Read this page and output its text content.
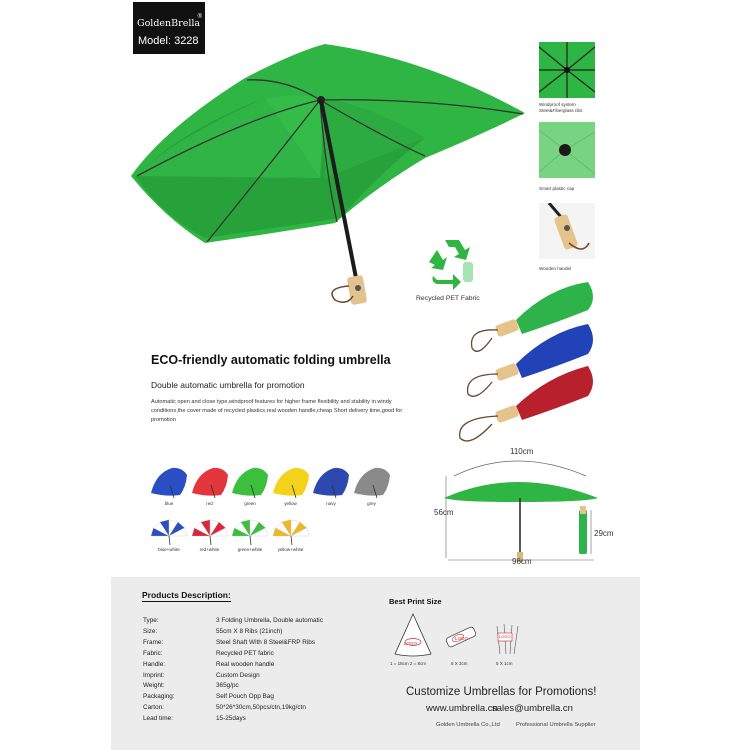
GoldenBrella
®
Model: 3228
Windproof system Steel&Fiberglass ribs
Smart plastic cap
Wooden handel
Recycled PET Fabric
ECO-friendly automatic folding umbrella
Double automatic umbrella for promotion
Automatic open and close type,windproof features for higher frame flexibility and stability in windy conditions,the cover made of recycled plastics,real wooden handle,cheap Short delivery time,good for promotion
blue	red	green	yellow	navy	grey
blue+white	red+white	green+white	yellow+white
110cm
56cm
96cm
29cm
Products Description:
Type:	3 Folding Umbrella, Double automatic
Size:	55cm X 8 Ribs (21inch)
Frame:	Steel Shaft With 8 Steel&FRP Ribs
Fabric:	Recycled PET fabric
Handle:	Real wooden handle
Imprint:	Custom Design
Weight:	365g/pc
Packaging:	Self Pouch Opp Bag
Carton:	50*26*30cm,50pcs/ctn,19kg/ctn
Lead time:	15-25days
Best Print Size
LOGO
1 = 18cm 2 = 8cm
LOGO
6 X 3cm
LOGO
5 X 1cm
Customize Umbrellas for Promotions!
www.umbrella.cn
sales@umbrella.cn
Golden Umbrella Co.,Ltd	Professional Umbrella Supplier
